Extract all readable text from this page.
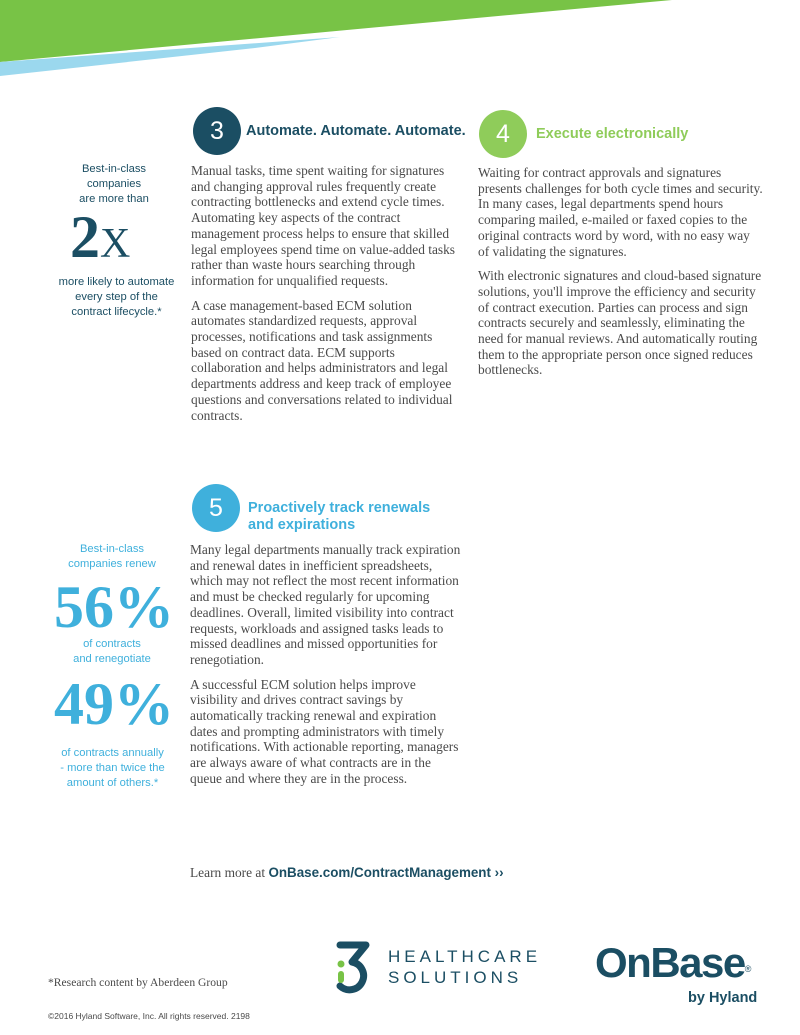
3 Automate. Automate. Automate.

Manual tasks, time spent waiting for signatures and changing approval rules frequently create contracting bottlenecks and extend cycle times. Automating key aspects of the contract management process helps to ensure that skilled legal employees spend time on value-added tasks rather than waste hours searching through information for unqualified requests.

A case management-based ECM solution automates standardized requests, approval processes, notifications and task assignments based on contract data. ECM supports collaboration and helps administrators and legal departments address and keep track of employee questions and conversations related to individual contracts.

4 Execute electronically

Waiting for contract approvals and signatures presents challenges for both cycle times and security. In many cases, legal departments spend hours comparing mailed, e-mailed or faxed copies to the original contracts word by word, with no easy way of validating the signatures.

With electronic signatures and cloud-based signature solutions, you'll improve the efficiency and security of contract execution. Parties can process and sign contracts securely and seamlessly, eliminating the need for manual reviews. And automatically routing them to the appropriate person once signed reduces bottlenecks.

Best-in-class
companies
are more than
2X
more likely to automate
every step of the
contract lifecycle.*
5 Proactively track renewals
and expirations

Many legal departments manually track expiration and renewal dates in inefficient spreadsheets, which may not reflect the most recent information and must be checked regularly for upcoming deadlines. Overall, limited visibility into contract requests, workloads and assigned tasks leads to missed deadlines and missed opportunities for renegotiation.

A successful ECM solution helps improve visibility and drives contract savings by automatically tracking renewal and expiration dates and prompting administrators with timely notifications. With actionable reporting, managers are always aware of what contracts are in the queue and where they are in the process.

Best-in-class
companies renew
56%
of contracts
and renegotiate
49%
of contracts annually
- more than twice the
amount of others.*
Learn more at OnBase.com/ContractManagement ››
HEALTHCARE
SOLUTIONS	OnBase®
by Hyland
*Research content by Aberdeen Group
©2016 Hyland Software, Inc. All rights reserved. 2198
